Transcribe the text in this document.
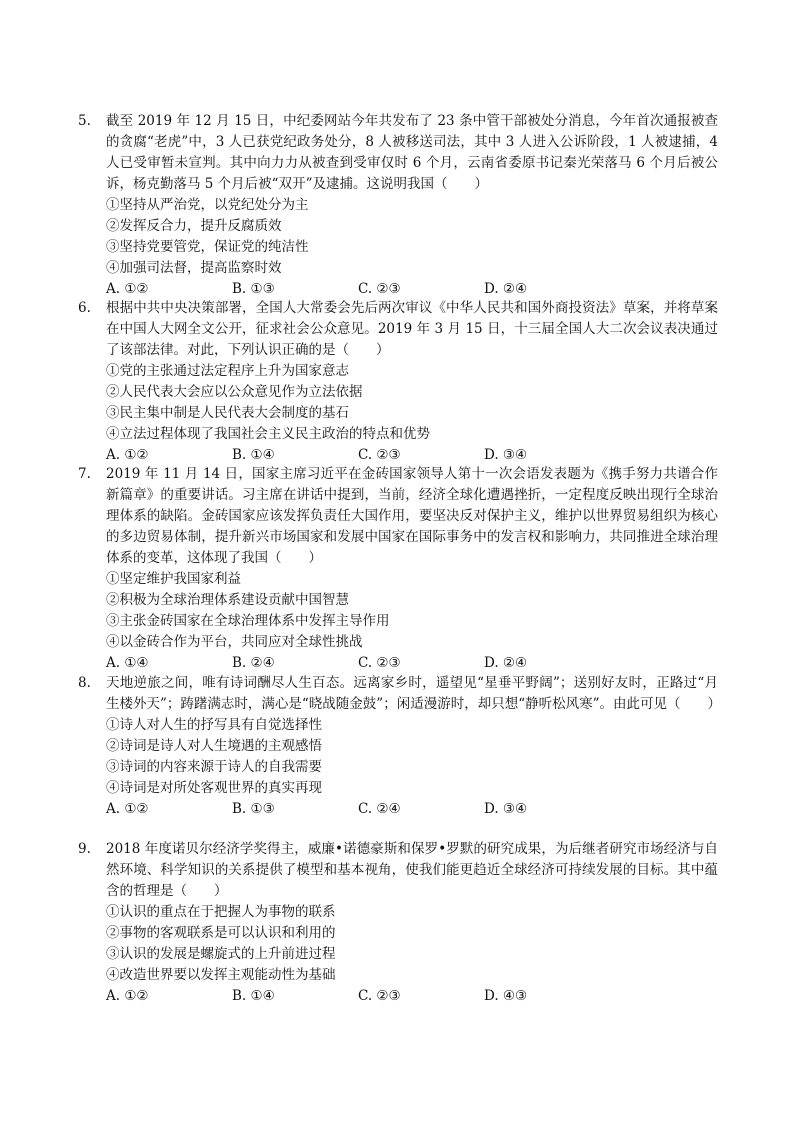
5.	截至 2019 年 12 月 15 日，中纪委网站今年共发布了 23 条中管干部被处分消息，今年首次通报被查的贪腐“老虎”中，3 人已获党纪政务处分，8 人被移送司法，其中 3 人进入公诉阶段，1 人被逮捕，4 人已受审暂未宣判。其中向力力从被查到受审仅时 6 个月，云南省委原书记秦光荣落马 6 个月后被公诉，杨克勤落马 5 个月后被“双开”及逮捕。这说明我国（　　）

①坚持从严治党，以党纪处分为主

②发挥反合力，提升反腐质效

③坚持党要管党，保证党的纯洁性

④加强司法督，提高监察时效

A. ①②	B. ①③	C. ②③	D. ②④
6.	根据中共中央决策部署，全国人大常委会先后两次审议《中华人民共和国外商投资法》草案，并将草案在中国人大网全文公开，征求社会公众意见。2019 年 3 月 15 日，十三届全国人大二次会议表决通过了该部法律。对此，下列认识正确的是（　　）

①党的主张通过法定程序上升为国家意志

②人民代表大会应以公众意见作为立法依据

③民主集中制是人民代表大会制度的基石

④立法过程体现了我国社会主义民主政治的特点和优势

A. ①②	B. ①④	C. ②③	D. ③④
7.	2019 年 11 月 14 日，国家主席习近平在金砖国家领导人第十一次会语发表题为《携手努力共谱合作新篇章》的重要讲话。习主席在讲话中提到，当前，经济全球化遭遇挫折，一定程度反映出现行全球治理体系的缺陷。金砖国家应该发挥负责任大国作用，要坚决反对保护主义，维护以世界贸易组织为核心的多边贸易体制，提升新兴市场国家和发展中国家在国际事务中的发言权和影响力，共同推进全球治理体系的变革，这体现了我国（　　）

①坚定维护我国家利益

②积极为全球治理体系建设贡献中国智慧

③主张金砖国家在全球治理体系中发挥主导作用

④以金砖合作为平台，共同应对全球性挑战

A. ①④	B. ②④	C. ②③	D. ②④
8.	天地逆旅之间，唯有诗词酬尽人生百态。远离家乡时，遥望见“星垂平野阔”；送别好友时，正路过“月生楼外天”；踌躇满志时，满心是“晓战随金鼓”；闲适漫游时，却只想“静听松风寒”。由此可见（　　）

①诗人对人生的抒写具有自觉选择性

②诗词是诗人对人生境遇的主观感悟

③诗词的内容来源于诗人的自我需要

④诗词是对所处客观世界的真实再现

A. ①②	B. ①③	C. ②④	D. ③④
9.	2018 年度诺贝尔经济学奖得主，威廉•诺德豪斯和保罗•罗默的研究成果，为后继者研究市场经济与自然环境、科学知识的关系提供了模型和基本视角，使我们能更趋近全球经济可持续发展的目标。其中蕴含的哲理是（　　）

①认识的重点在于把握人为事物的联系

②事物的客观联系是可以认识和利用的

③认识的发展是螺旋式的上升前进过程

④改造世界要以发挥主观能动性为基础

A. ①②	B. ①④	C. ②③	D. ④③
